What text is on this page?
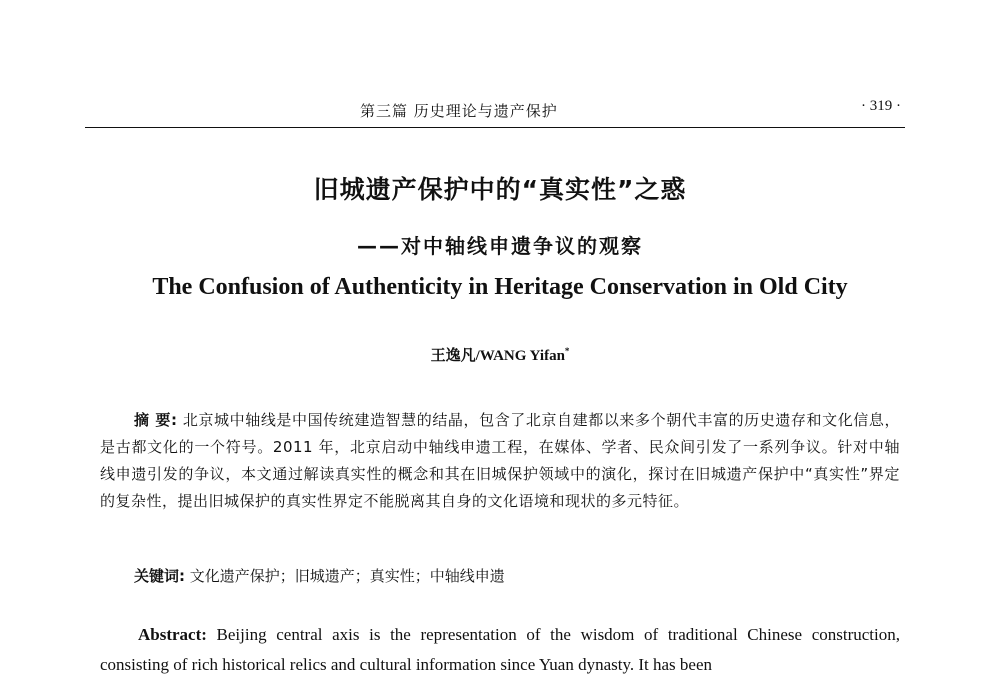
第三篇 历史理论与遗产保护	· 319 ·
旧城遗产保护中的“真实性”之惑
——对中轴线申遗争议的观察
The Confusion of Authenticity in Heritage Conservation in Old City
王逸凡/WANG Yifan*
摘 要: 北京城中轴线是中国传统建造智慧的结晶，包含了北京自建都以来多个朝代丰富的历史遗存和文化信息，是古都文化的一个符号。2011 年，北京启动中轴线申遗工程，在媒体、学者、民众间引发了一系列争议。针对中轴线申遗引发的争议，本文通过解读真实性的概念和其在旧城保护领域中的演化，探讨在旧城遗产保护中“真实性”界定的复杂性，提出旧城保护的真实性界定不能脱离其自身的文化语境和现状的多元特征。
关键词: 文化遗产保护；旧城遗产；真实性；中轴线申遗
Abstract: Beijing central axis is the representation of the wisdom of traditional Chinese construction, consisting of rich historical relics and cultural information since Yuan dynasty. It has been
